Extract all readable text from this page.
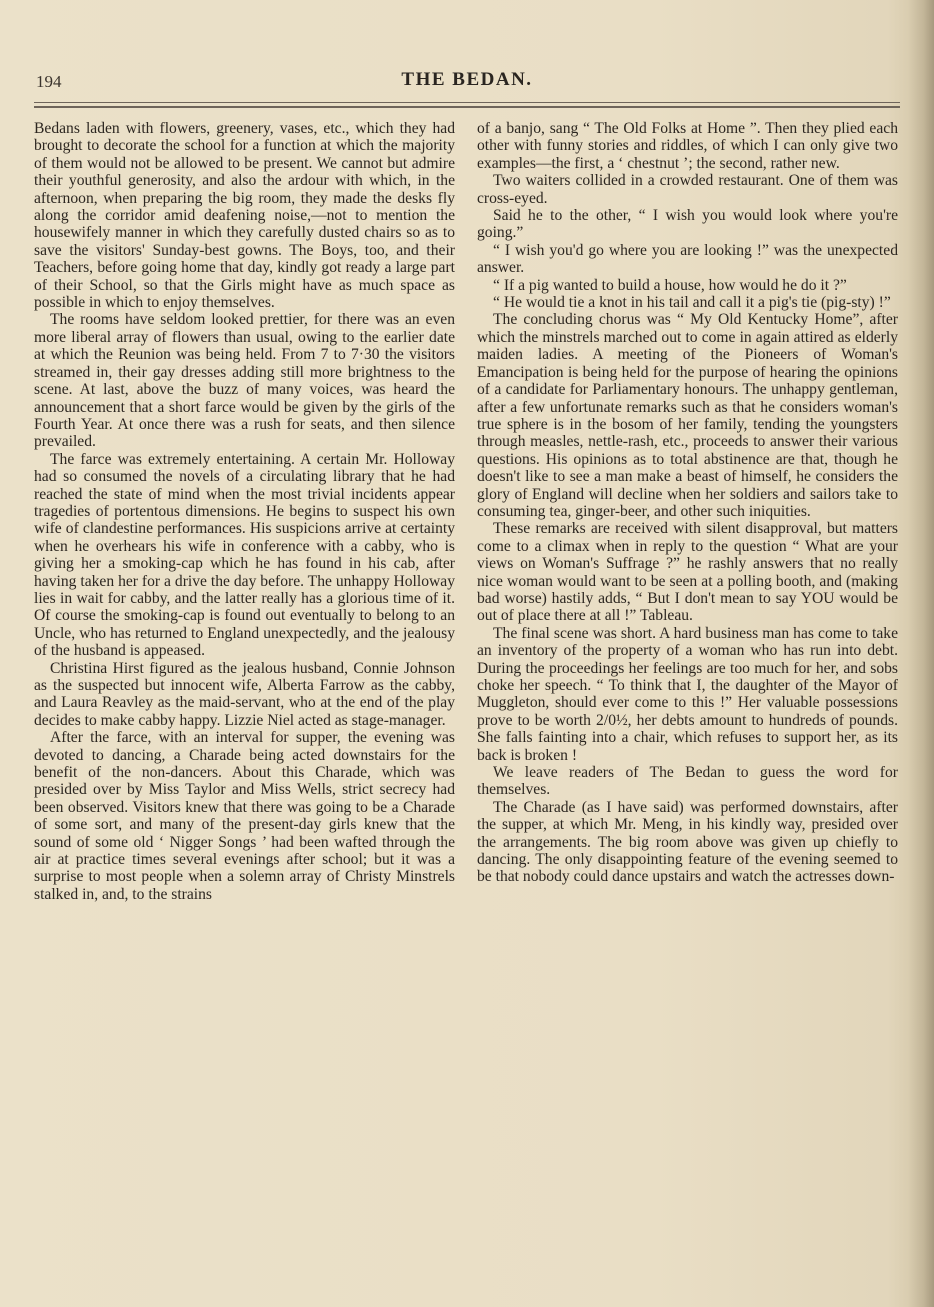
194	THE BEDAN.

Bedans laden with flowers, greenery, vases, etc., which they had brought to decorate the school for a function at which the majority of them would not be allowed to be present. We cannot but admire their youthful generosity, and also the ardour with which, in the afternoon, when preparing the big room, they made the desks fly along the corridor amid deafening noise,—not to mention the housewifely manner in which they carefully dusted chairs so as to save the visitors' Sunday-best gowns. The Boys, too, and their Teachers, before going home that day, kindly got ready a large part of their School, so that the Girls might have as much space as possible in which to enjoy themselves.

The rooms have seldom looked prettier, for there was an even more liberal array of flowers than usual, owing to the earlier date at which the Reunion was being held. From 7 to 7·30 the visitors streamed in, their gay dresses adding still more brightness to the scene. At last, above the buzz of many voices, was heard the announcement that a short farce would be given by the girls of the Fourth Year. At once there was a rush for seats, and then silence prevailed.

The farce was extremely entertaining. A certain Mr. Holloway had so consumed the novels of a circulating library that he had reached the state of mind when the most trivial incidents appear tragedies of portentous dimensions. He begins to suspect his own wife of clandestine performances. His suspicions arrive at certainty when he overhears his wife in conference with a cabby, who is giving her a smoking-cap which he has found in his cab, after having taken her for a drive the day before. The unhappy Holloway lies in wait for cabby, and the latter really has a glorious time of it. Of course the smoking-cap is found out eventually to belong to an Uncle, who has returned to England unexpectedly, and the jealousy of the husband is appeased.

Christina Hirst figured as the jealous husband, Connie Johnson as the suspected but innocent wife, Alberta Farrow as the cabby, and Laura Reavley as the maid-servant, who at the end of the play decides to make cabby happy. Lizzie Niel acted as stage-manager.

After the farce, with an interval for supper, the evening was devoted to dancing, a Charade being acted downstairs for the benefit of the non-dancers. About this Charade, which was presided over by Miss Taylor and Miss Wells, strict secrecy had been observed. Visitors knew that there was going to be a Charade of some sort, and many of the present-day girls knew that the sound of some old ‘ Nigger Songs ’ had been wafted through the air at practice times several evenings after school; but it was a surprise to most people when a solemn array of Christy Minstrels stalked in, and, to the strains

of a banjo, sang “ The Old Folks at Home ”. Then they plied each other with funny stories and riddles, of which I can only give two examples—the first, a ‘ chestnut ’; the second, rather new.

Two waiters collided in a crowded restaurant. One of them was cross-eyed.

Said he to the other, “ I wish you would look where you're going.”

“ I wish you'd go where you are looking !” was the unexpected answer.

“ If a pig wanted to build a house, how would he do it ?”

“ He would tie a knot in his tail and call it a pig's tie (pig-sty) !”

The concluding chorus was “ My Old Kentucky Home”, after which the minstrels marched out to come in again attired as elderly maiden ladies. A meeting of the Pioneers of Woman's Emancipation is being held for the purpose of hearing the opinions of a candidate for Parliamentary honours. The unhappy gentleman, after a few unfortunate remarks such as that he considers woman's true sphere is in the bosom of her family, tending the youngsters through measles, nettle-rash, etc., proceeds to answer their various questions. His opinions as to total abstinence are that, though he doesn't like to see a man make a beast of himself, he considers the glory of England will decline when her soldiers and sailors take to consuming tea, ginger-beer, and other such iniquities.

These remarks are received with silent disapproval, but matters come to a climax when in reply to the question “ What are your views on Woman's Suffrage ?” he rashly answers that no really nice woman would want to be seen at a polling booth, and (making bad worse) hastily adds, “ But I don't mean to say YOU would be out of place there at all !” Tableau.

The final scene was short. A hard business man has come to take an inventory of the property of a woman who has run into debt. During the proceedings her feelings are too much for her, and sobs choke her speech. “ To think that I, the daughter of the Mayor of Muggleton, should ever come to this !” Her valuable possessions prove to be worth 2/0½, her debts amount to hundreds of pounds. She falls fainting into a chair, which refuses to support her, as its back is broken !

We leave readers of The Bedan to guess the word for themselves.

The Charade (as I have said) was performed downstairs, after the supper, at which Mr. Meng, in his kindly way, presided over the arrangements. The big room above was given up chiefly to dancing. The only disappointing feature of the evening seemed to be that nobody could dance upstairs and watch the actresses down-
